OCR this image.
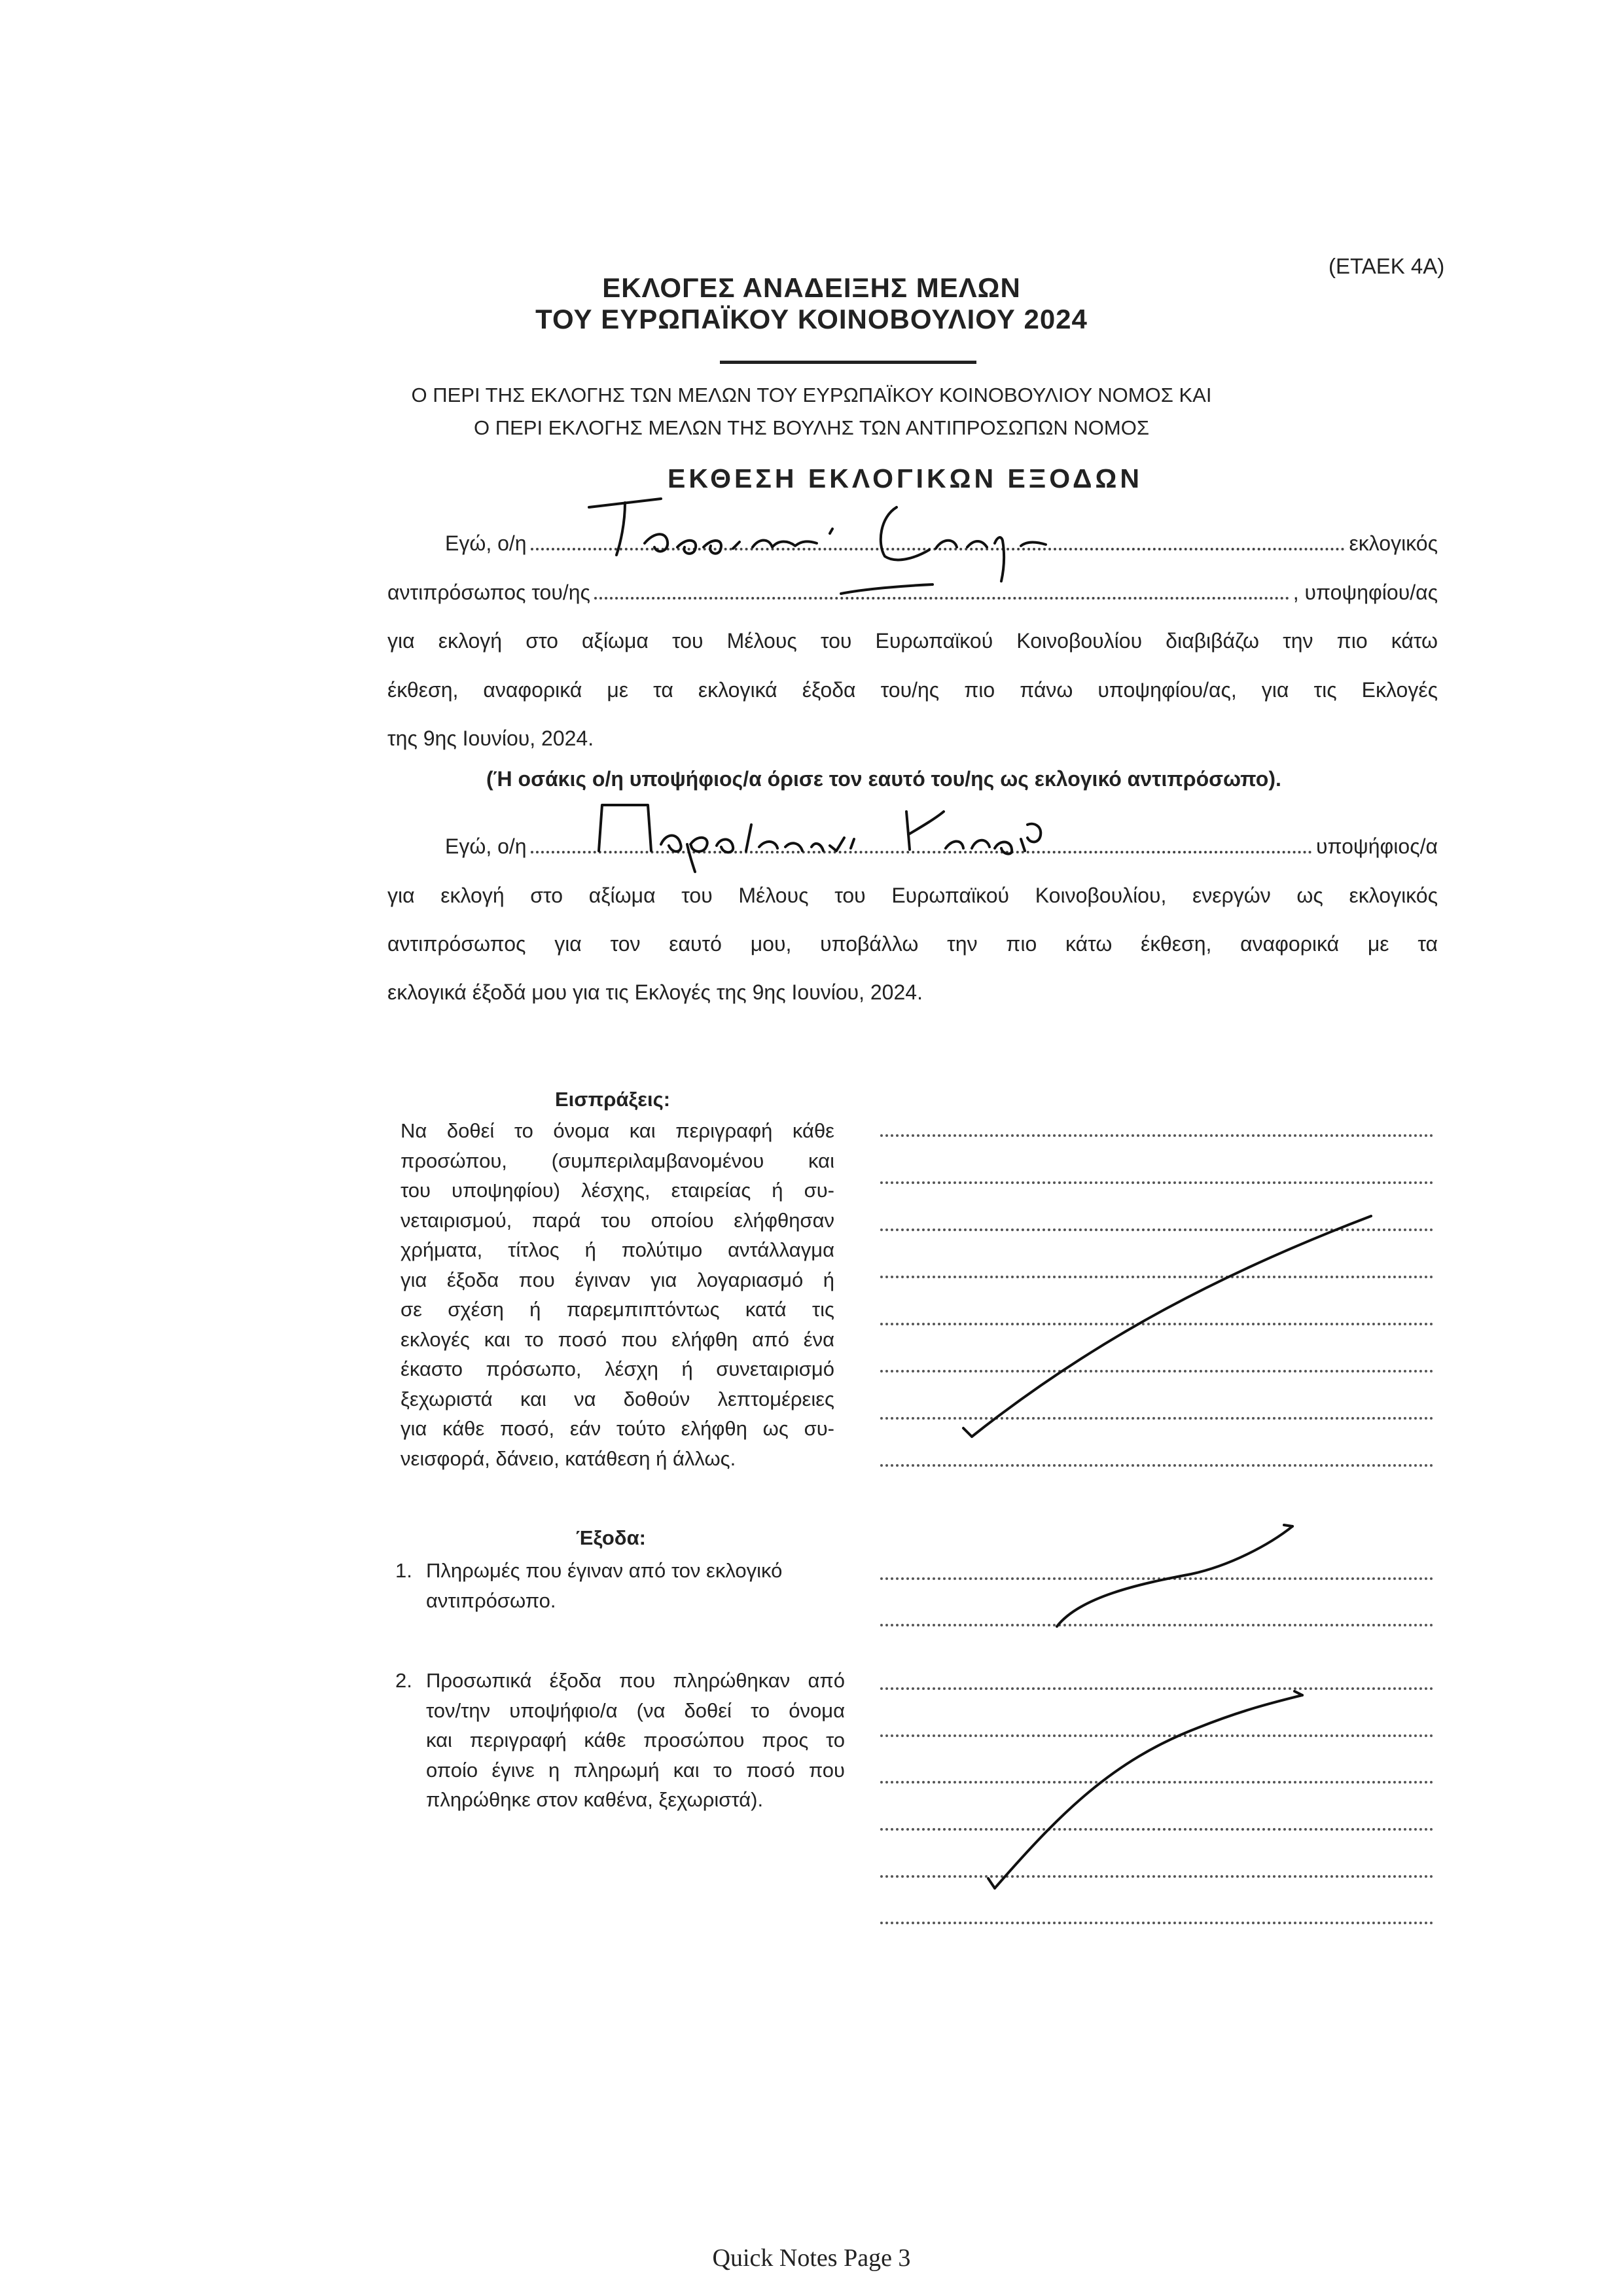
(ΕΤΑΕΚ 4Α)
ΕΚΛΟΓΕΣ ΑΝΑΔΕΙΞΗΣ ΜΕΛΩΝ
ΤΟΥ ΕΥΡΩΠΑΪΚΟΥ ΚΟΙΝΟΒΟΥΛΙΟΥ 2024
Ο ΠΕΡΙ ΤΗΣ ΕΚΛΟΓΗΣ ΤΩΝ ΜΕΛΩΝ ΤΟΥ ΕΥΡΩΠΑΪΚΟΥ ΚΟΙΝΟΒΟΥΛΙΟΥ ΝΟΜΟΣ ΚΑΙ
Ο ΠΕΡΙ ΕΚΛΟΓΗΣ ΜΕΛΩΝ ΤΗΣ ΒΟΥΛΗΣ ΤΩΝ ΑΝΤΙΠΡΟΣΩΠΩΝ ΝΟΜΟΣ
ΕΚΘΕΣΗ ΕΚΛΟΓΙΚΩΝ ΕΞΟΔΩΝ
Εγώ, ο/η	εκλογικός
αντιπρόσωπος του/ης	, υποψηφίου/ας
για εκλογή στο αξίωμα του Μέλους του Ευρωπαϊκού Κοινοβουλίου διαβιβάζω την πιο κάτω
έκθεση, αναφορικά με τα εκλογικά έξοδα του/ης πιο πάνω υποψηφίου/ας, για τις Εκλογές
της 9ης Ιουνίου, 2024.
(Ή οσάκις ο/η υποψήφιος/α όρισε τον εαυτό του/ης ως εκλογικό αντιπρόσωπο).
Εγώ, ο/η	υποψήφιος/α
για εκλογή στο αξίωμα του Μέλους του Ευρωπαϊκού Κοινοβουλίου, ενεργών ως εκλογικός
αντιπρόσωπος για τον εαυτό μου, υποβάλλω την πιο κάτω έκθεση, αναφορικά με τα
εκλογικά έξοδά μου για τις Εκλογές της 9ης Ιουνίου, 2024.
Εισπράξεις:
Να δοθεί το όνομα και περιγραφή κάθε
προσώπου, (συμπεριλαμβανομένου και
του υποψηφίου) λέσχης, εταιρείας ή συ-
νεταιρισμού, παρά του οποίου ελήφθησαν
χρήματα, τίτλος ή πολύτιμο αντάλλαγμα
για έξοδα που έγιναν για λογαριασμό ή
σε σχέση ή παρεμπιπτόντως κατά τις
εκλογές και το ποσό που ελήφθη από ένα
έκαστο πρόσωπο, λέσχη ή συνεταιρισμό
ξεχωριστά και να δοθούν λεπτομέρειες
για κάθε ποσό, εάν τούτο ελήφθη ως συ-
νεισφορά, δάνειο, κατάθεση ή άλλως.
Έξοδα:
1. Πληρωμές που έγιναν από τον εκλογικό
αντιπρόσωπο.
2. Προσωπικά έξοδα που πληρώθηκαν από
τον/την υποψήφιο/α (να δοθεί το όνομα
και περιγραφή κάθε προσώπου προς το
οποίο έγινε η πληρωμή και το ποσό που
πληρώθηκε στον καθένα, ξεχωριστά).
Quick Notes Page 3
